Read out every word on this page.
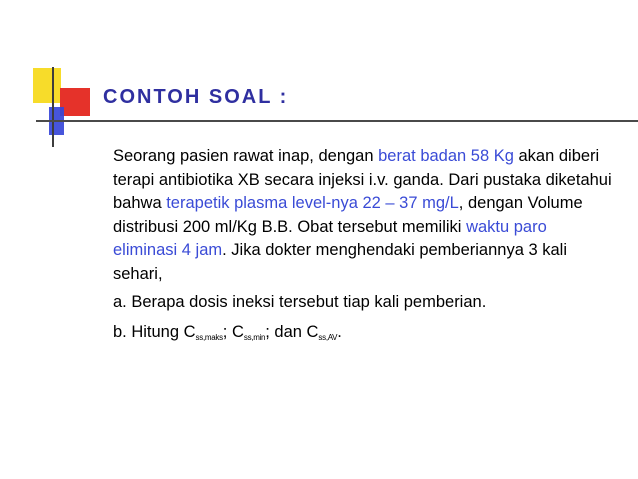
CONTOH SOAL :

Seorang pasien rawat inap, dengan berat badan 58 Kg akan diberi terapi antibiotika XB secara injeksi i.v. ganda. Dari pustaka diketahui bahwa terapetik plasma level-nya 22 – 37 mg/L, dengan Volume distribusi 200 ml/Kg B.B. Obat tersebut memiliki waktu paro eliminasi 4 jam. Jika dokter menghendaki pemberiannya 3 kali sehari,

a. Berapa dosis ineksi tersebut tiap kali pemberian.

b. Hitung $C_{ss,maks}$; $C_{ss,min}$; dan $C_{ss,AV}$.
